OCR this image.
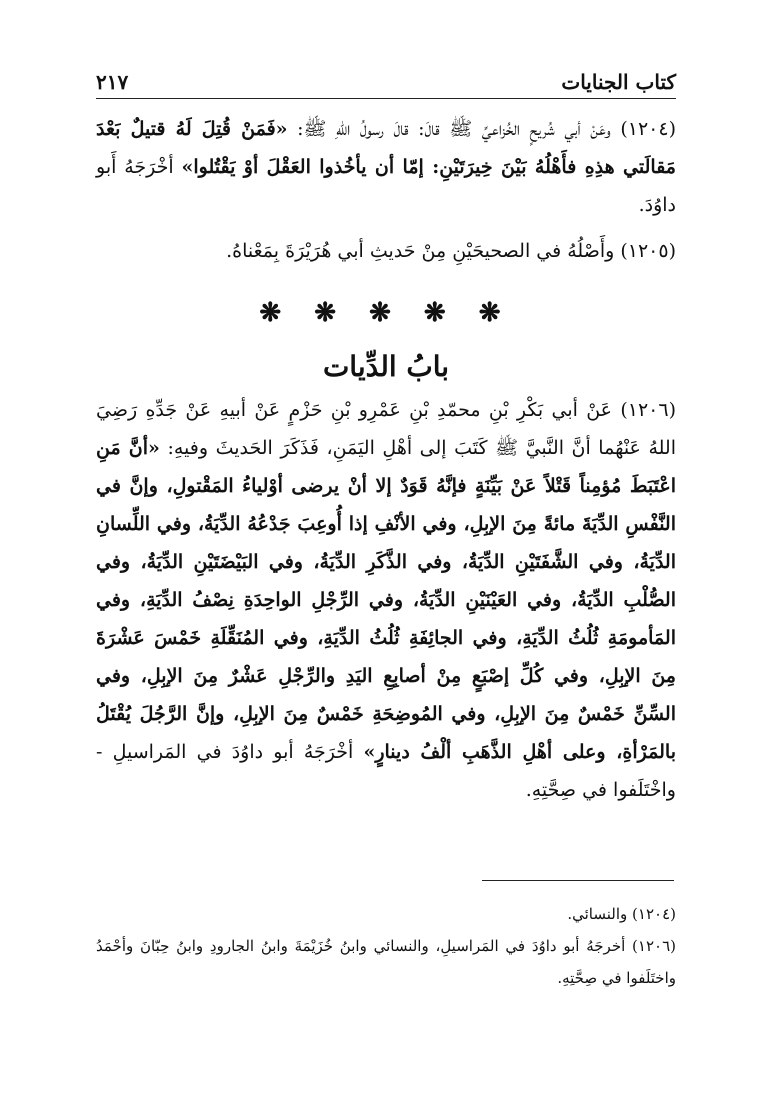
كتاب الجنايات
٢١٧

(١٢٠٤) وعَنْ أبي شُريحٍ الخُزاعيِّ ﷺ قالَ: قالَ رسولُ اللهِ ﷺ: «فَمَنْ قُتِلَ لَهُ قتيلٌ بَعْدَ مَقالَتي هذِهِ فأَهْلُهُ بَيْنَ خِيرَتَيْنِ: إمّا أن يأخُذوا العَقْلَ أوْ يَقْتُلوا» أخْرَجَهُ أَبو داوُدَ.

(١٢٠٥) وأَصْلُهُ في الصحيحَيْنِ مِنْ حَديثِ أبي هُرَيْرَةَ بِمَعْناهُ.

❋ ❋ ❋ ❋ ❋
بابُ الدِّيات

(١٢٠٦) عَنْ أبي بَكْرِ بْنِ محمّدِ بْنِ عَمْرِو بْنِ حَزْمٍ عَنْ أبيهِ عَنْ جَدِّهِ رَضِيَ اللهُ عَنْهُما أنَّ النَّبيَّ ﷺ كَتَبَ إلى أهْلِ اليَمَنِ، فَذَكَرَ الحَديثَ وفيهِ: «أنَّ مَنِ اعْتَبَطَ مُؤمِناً قَتْلاً عَنْ بَيِّنَةٍ فإنَّهُ قَوَدٌ إلا أنْ يرضى أوْلياءُ المَقْتولِ، وإنَّ في النَّفْسِ الدِّيَةَ مائةً مِنَ الإبِلِ، وفي الأنْفِ إذا أُوعِبَ جَدْعُهُ الدِّيَةُ، وفي اللِّسانِ الدِّيَةُ، وفي الشَّفَتَيْنِ الدِّيَةُ، وفي الذَّكَرِ الدِّيَةُ، وفي البَيْضَتَيْنِ الدِّيَةُ، وفي الصُّلْبِ الدِّيَةُ، وفي العَيْنَيْنِ الدِّيَةُ، وفي الرِّجْلِ الواحِدَةِ نِصْفُ الدِّيَةِ، وفي المَأمومَةِ ثُلُثُ الدِّيَةِ، وفي الجائِفَةِ ثُلُثُ الدِّيَةِ، وفي المُنَقِّلَةِ خَمْسَ عَشْرَةَ مِنَ الإبِلِ، وفي كُلِّ إصْبَعٍ مِنْ أصابِعِ اليَدِ والرِّجْلِ عَشْرٌ مِنَ الإبِلِ، وفي السِّنِّ خَمْسٌ مِنَ الإبِلِ، وفي المُوضِحَةِ خَمْسٌ مِنَ الإبِلِ، وإنَّ الرَّجُلَ يُقْتَلُ بالمَرْأةِ، وعلى أهْلِ الذَّهَبِ ألْفُ دينارٍ» أخْرَجَهُ أبو داوُدَ في المَراسيلِ - واخْتَلَفوا في صِحَّتِهِ.

(١٢٠٤) والنسائي.

(١٢٠٦) أخرجَهُ أبو داوُدَ في المَراسيلِ، والنسائي وابنُ خُزَيْمَةَ وابنُ الجارودِ وابنُ حِبّانَ وأحْمَدُ واختَلَفوا في صِحَّتِهِ.
